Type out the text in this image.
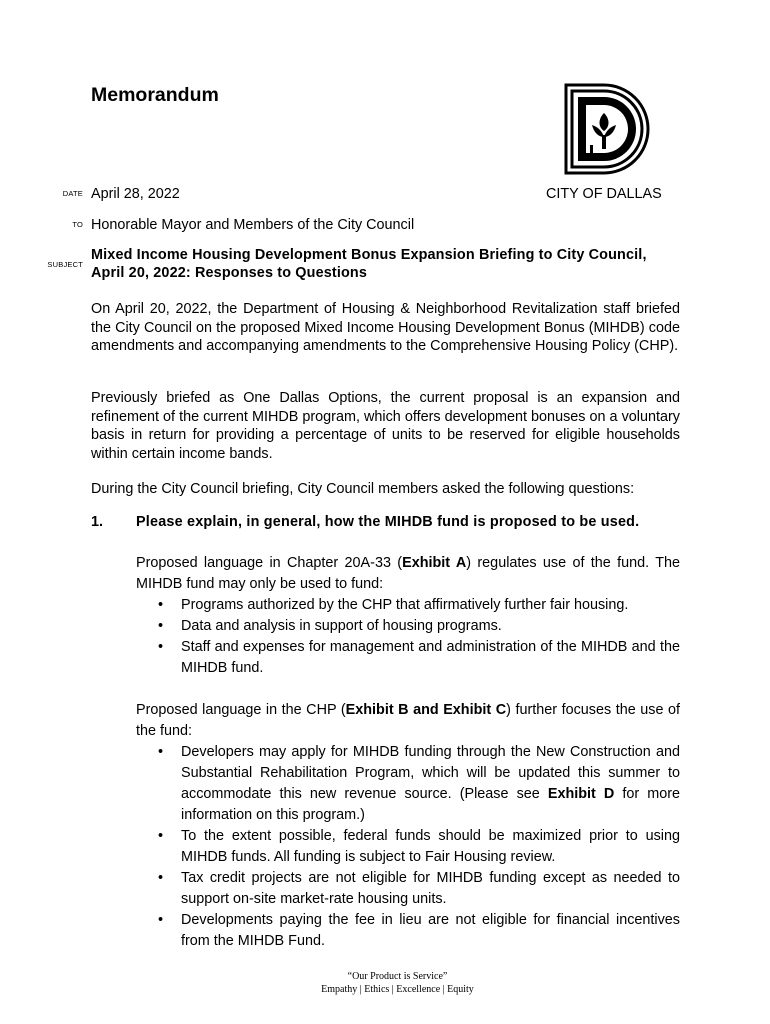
Memorandum
DATE April 28, 2022	CITY OF DALLAS
TO Honorable Mayor and Members of the City Council
SUBJECT
Mixed Income Housing Development Bonus Expansion Briefing to City Council,
April 20, 2022: Responses to Questions
On April 20, 2022, the Department of Housing & Neighborhood Revitalization staff briefed the City Council on the proposed Mixed Income Housing Development Bonus (MIHDB) code amendments and accompanying amendments to the Comprehensive Housing Policy (CHP).
Previously briefed as One Dallas Options, the current proposal is an expansion and refinement of the current MIHDB program, which offers development bonuses on a voluntary basis in return for providing a percentage of units to be reserved for eligible households within certain income bands.
During the City Council briefing, City Council members asked the following questions:
1. Please explain, in general, how the MIHDB fund is proposed to be used.
Proposed language in Chapter 20A-33 (Exhibit A) regulates use of the fund. The MIHDB fund may only be used to fund:
• Programs authorized by the CHP that affirmatively further fair housing.
• Data and analysis in support of housing programs.
• Staff and expenses for management and administration of the MIHDB and the MIHDB fund.
Proposed language in the CHP (Exhibit B and Exhibit C) further focuses the use of the fund:
• Developers may apply for MIHDB funding through the New Construction and Substantial Rehabilitation Program, which will be updated this summer to accommodate this new revenue source. (Please see Exhibit D for more information on this program.)
• To the extent possible, federal funds should be maximized prior to using MIHDB funds. All funding is subject to Fair Housing review.
• Tax credit projects are not eligible for MIHDB funding except as needed to support on-site market-rate housing units.
• Developments paying the fee in lieu are not eligible for financial incentives from the MIHDB Fund.
“Our Product is Service”
Empathy | Ethics | Excellence | Equity
